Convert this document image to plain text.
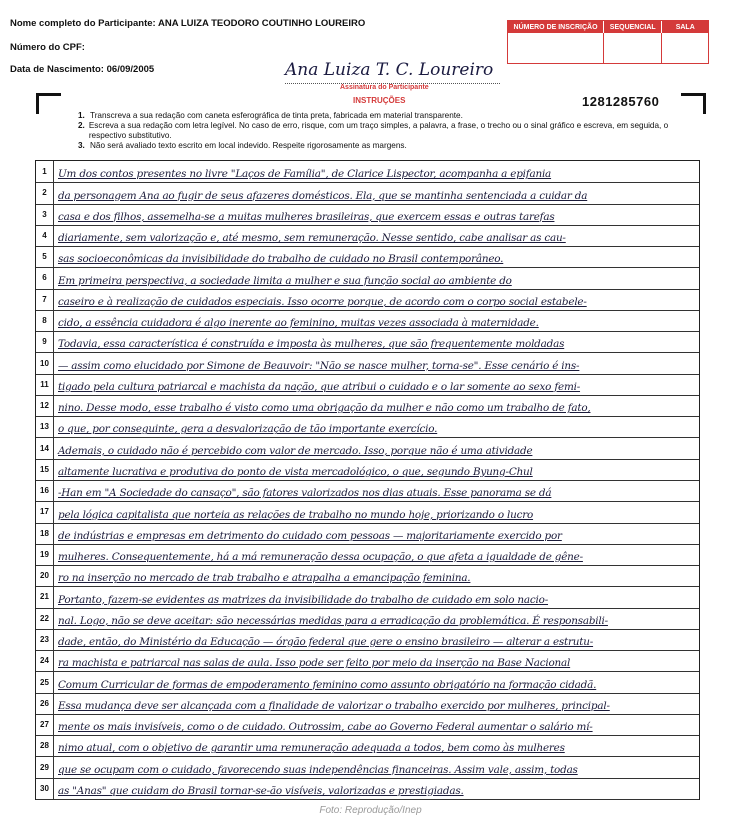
Nome completo do Participante: ANA LUIZA TEODORO COUTINHO LOUREIRO
Número do CPF:
Data de Nascimento: 06/09/2005
NÚMERO DE INSCRIÇÃO	SEQUENCIAL	SALA
Ana Luiza T. C. Loureiro
Assinatura do Participante
INSTRUÇÕES	1281285760
1. Transcreva a sua redação com caneta esferográfica de tinta preta, fabricada em material transparente.
2. Escreva a sua redação com letra legível. No caso de erro, risque, com um traço simples, a palavra, a frase, o trecho ou o sinal gráfico e escreva, em seguida, o respectivo substitutivo.
3. Não será avaliado texto escrito em local indevido. Respeite rigorosamente as margens.
1	Um dos contos presentes no livre "Laços de Família", de Clarice Lispector, acompanha a epifania
2	da personagem Ana ao fugir de seus afazeres domésticos. Ela, que se mantinha sentenciada a cuidar da
3	casa e dos filhos, assemelha-se a muitas mulheres brasileiras, que exercem essas e outras tarefas
4	diariamente, sem valorização e, até mesmo, sem remuneração. Nesse sentido, cabe analisar as cau-
5	sas socioeconômicas da invisibilidade do trabalho de cuidado no Brasil contemporâneo.
6	Em primeira perspectiva, a sociedade limita a mulher e sua função social ao ambiente do
7	caseiro e à realização de cuidados especiais. Isso ocorre porque, de acordo com o corpo social estabele-
8	cido, a essência cuidadora é algo inerente ao feminino, muitas vezes associada à maternidade.
9	Todavia, essa característica é construída e imposta às mulheres, que são frequentemente moldadas
10 — assim como elucidado por Simone de Beauvoir: "Não se nasce mulher, torna-se". Esse cenário é ins-
11 tigado pela cultura patriarcal e machista da nação, que atribui o cuidado e o lar somente ao sexo femi-
12 nino. Desse modo, esse trabalho é visto como uma obrigação da mulher e não como um trabalho de fato,
13 o que, por conseguinte, gera a desvalorização de tão importante exercício.
14 Ademais, o cuidado não é percebido com valor de mercado. Isso, porque não é uma atividade
15 altamente lucrativa e produtiva do ponto de vista mercadológico, o que, segundo Byung-Chul
16 -Han em "A Sociedade do cansaço", são fatores valorizados nos dias atuais. Esse panorama se dá
17 pela lógica capitalista que norteia as relações de trabalho no mundo hoje, priorizando o lucro
18 de indústrias e empresas em detrimento do cuidado com pessoas — majoritariamente exercido por
19 mulheres. Consequentemente, há a má remuneração dessa ocupação, o que afeta a igualdade de gêne-
20 ro na inserção no mercado de trab trabalho e atrapalha a emancipação feminina.
21 Portanto, fazem-se evidentes as matrizes da invisibilidade do trabalho de cuidado em solo nacio-
22 nal. Logo, não se deve aceitar: são necessárias medidas para a erradicação da problemática. É responsabili-
23 dade, então, do Ministério da Educação — órgão federal que gere o ensino brasileiro — alterar a estrutu-
24 ra machista e patriarcal nas salas de aula. Isso pode ser feito por meio da inserção na Base Nacional
25 Comum Curricular de formas de empoderamento feminino como assunto obrigatório na formação cidadã.
26 Essa mudança deve ser alcançada com a finalidade de valorizar o trabalho exercido por mulheres, principal-
27 mente os mais invisíveis, como o de cuidado. Outrossim, cabe ao Governo Federal aumentar o salário mí-
28 nimo atual, com o objetivo de garantir uma remuneração adequada a todos, bem como às mulheres
29 que se ocupam com o cuidado, favorecendo suas independências financeiras. Assim vale, assim, todas
30 as "Anas" que cuidam do Brasil tornar-se-ão visíveis, valorizadas e prestigiadas.
Foto: Reprodução/Inep
